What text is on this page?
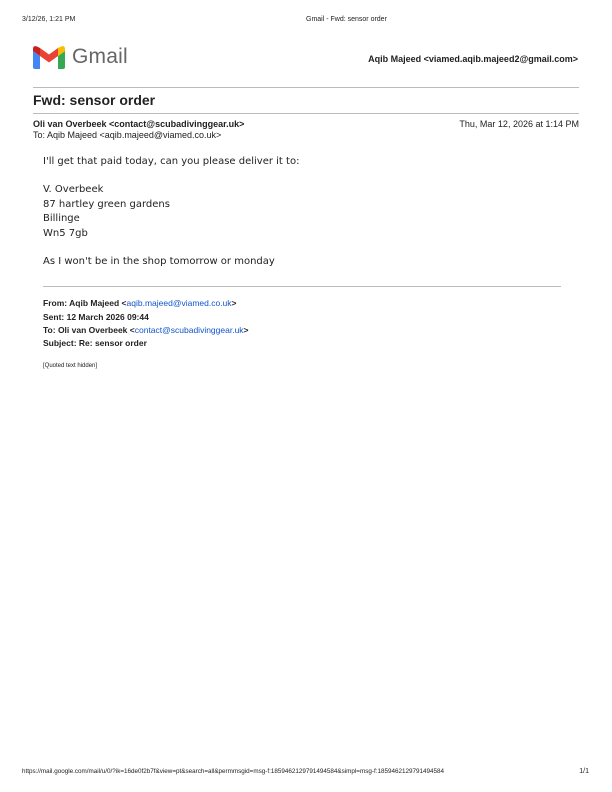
3/12/26, 1:21 PM	Gmail - Fwd: sensor order
Gmail	Aqib Majeed <viamed.aqib.majeed2@gmail.com>
Fwd: sensor order
Oli van Overbeek <contact@scubadivinggear.uk>	Thu, Mar 12, 2026 at 1:14 PM
To: Aqib Majeed <aqib.majeed@viamed.co.uk>
I'll get that paid today, can you please deliver it to:
V. Overbeek
87 hartley green gardens
Billinge
Wn5 7gb
As I won't be in the shop tomorrow or monday
From: Aqib Majeed <aqib.majeed@viamed.co.uk>
Sent: 12 March 2026 09:44
To: Oli van Overbeek <contact@scubadivinggear.uk>
Subject: Re: sensor order
[Quoted text hidden]
https://mail.google.com/mail/u/0/?ik=16de0f2b7f&view=pt&search=all&permmsgid=msg-f:1859462129791494584&simpl=msg-f:1859462129791494584	1/1
